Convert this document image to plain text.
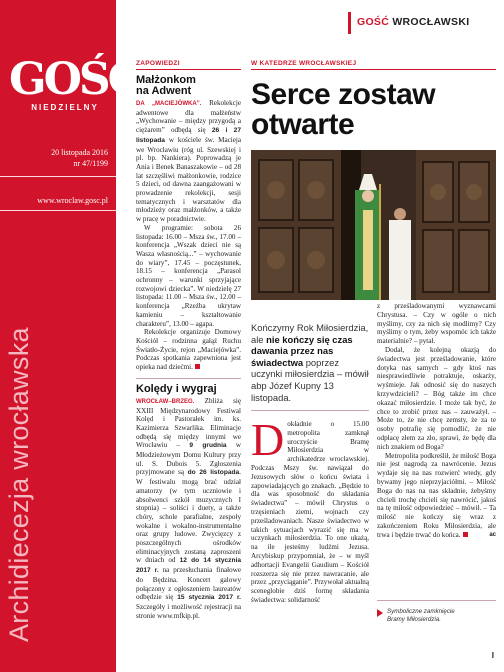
GOŚĆ
NIEDZIELNY
20 listopada 2016
nr 47/1199
www.wroclaw.gosc.pl
Archidiecezja wrocławska
GOŚĆ WROCŁAWSKI
ZAPOWIEDZI
Małżonkom
na Adwent

DA „MACIEJÓWKA”. Rekolekcje adwentowe dla małżeństw „Wychowanie – między przygodą a ciężarem” odbędą się 26 i 27 listopada w kościele św. Macieja we Wrocławiu (róg ul. Szewskiej i pl. bp. Nankiera). Poprowadzą je Ania i Benek Banaszakowie – od 28 lat szczęśliwi małżonkowie, rodzice 5 dzieci, od dawna zaangażowani w prowadzenie rekolekcji, sesji tematycznych i warsztatów dla młodzieży oraz małżonków, a także w pracę w poradnictwie.

W programie: sobota 26 listopada: 16.00 – Msza św., 17.00 – konferencja „Wszak dzieci nie są Wasza własnością...” – wychowanie do wiary”, 17.45 – poczęstunek, 18.15 – konferencja „Parasol ochronny – warunki sprzyjające rozwojowi dziecka”. W niedzielę 27 listopada: 11.00 – Msza św., 12.00 – konferencja „Rzeźba ukrytaw kamieniu – kształtowanie charakteru”, 13.00 – agapa.

Rekolekcje organizuje Domowy Kościół – rodzinna gałąź Ruchu Światło-Życie, rejon „Maciejówka”. Podczas spotkania zapewniona jest opieka nad dziećmi.

Kolędy i wygraj

WROCŁAW–BRZEG. Zbliża się XXIII Międzynarodowy Festiwal Kolęd i Pastorałek im. ks. Kazimierza Szwarlika. Eliminacje odbędą się między innymi we Wrocławiu – 9 grudnia w Młodzieżowym Domu Kultury przy ul. S. Dubois 5. Zgłoszenia przyjmowane są do 26 listopada. W festiwalu mogą brać udział amatorzy (w tym uczniowie i absolwenci szkół muzycznych I stopnia) – soliści i duety, a także chóry, schole parafialne, zespoły wokalne i wokalno-instrumentalne oraz grupy ludowe. Zwycięzcy z poszczególnych ośrodków eliminacyjnych zostaną zaproszeni w dniach od 12 do 14 stycznia 2017 r. na przesłuchania finałowe do Będzina. Koncert galowy połączony z ogłoszeniem laureatów odbędzie się 15 stycznia 2017 r. Szczegóły i możliwość rejestracji na stronie www.mfkip.pl.

W KATEDRZE WROCŁAWSKIEJ
Serce zostaw
otwarte
Kończymy Rok Miłosierdzia, ale nie kończy się czas dawania przez nas świadectwa poprzez uczynki miłosierdzia – mówił abp Józef Kupny 13 listopada.
Dokładnie o 15.00 metropolita zamknął uroczyście Bramę Miłosierdzia w archikatedrze wrocławskiej. Podczas Mszy św. nawiązał do Jezusowych słów o końcu świata i zapowiadających go znakach. „Będzie to dla was sposobność do składania świadectwa” – mówił Chrystus o trzęsieniach ziemi, wojnach czy prześladowaniach. Nasze świadectwo w takich sytuacjach wyrazić się ma w uczynkach miłosierdzia. To one ukażą, na ile jesteśmy ludźmi Jezusa. Arcybiskup przypomniał, że – w myśl adhortacji Evangelii Gaudium – Kościół rozszerza się nie przez nawracanie, ale przez „przyciąganie”. Przywołał aktualną sceneglobie dziś formę składania świadectwa: solidarność

z prześladowanymi wyznawcami Chrystusa. – Czy w ogóle o nich myślimy, czy za nich się modlimy? Czy myślimy o tym, żeby wspomóc ich także materialnie? – pytał.

Dodał, że kolejną okazją do świadectwa jest prześladowanie, które dotyka nas samych – gdy ktoś nas niesprawiedliwie potraktuje, oskarży, wyśmieje. Jak odnosić się do naszych krzywdzicieli? – Bóg także im chce okazać miłosierdzie. I może tak być, że chce to zrobić przez nas – zauważył. – Może to, że nie chcę zemsty, że za te osoby potrafię się pomodlić, że nie odpłacę złem za zło, sprawi, że będę dla nich znakiem od Boga?

Metropolita podkreślił, że miłość Boga nie jest nagrodą za nawrócenie. Jezus wydaje się na nas rozwierć wtedy, gdy bywamy jego nieprzyjaciółmi. – Miłość Boga do nas na nas składnie, żebyśmy chcieli trochę chcieli się nawrócić, jakoś na tę miłość odpowiedzieć – mówił. – Ta miłość nie kończy się wraz z zakończeniem Roku Miłosierdzia, ale trwa i będzie trwać do końca.	ac

Symboliczne zamknięcie
Bramy Miłosierdzia.
I
